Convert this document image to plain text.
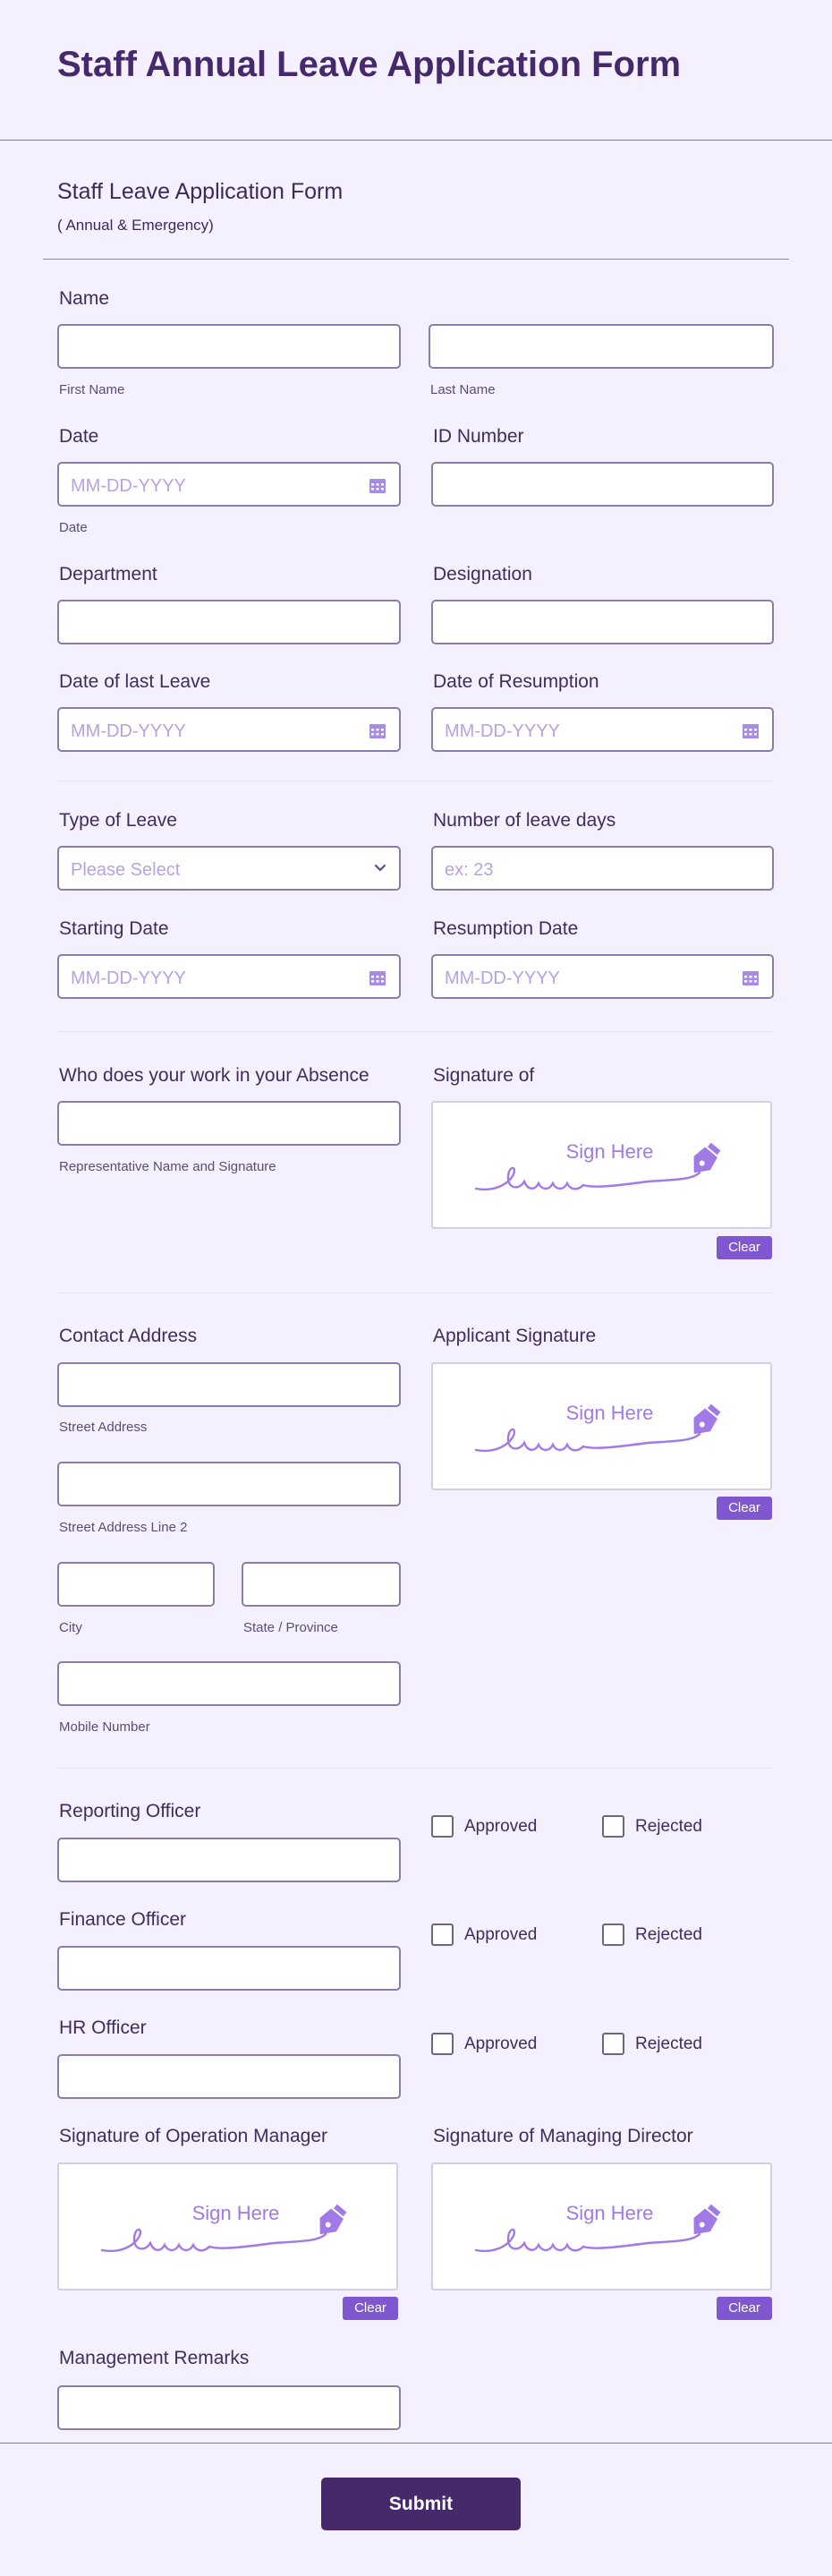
Staff Annual Leave Application Form
Staff Leave Application Form
( Annual & Emergency)
Name
First Name	Last Name
Date	ID Number
MM-DD-YYYY
Date
Department	Designation
Date of last Leave	Date of Resumption
MM-DD-YYYY	MM-DD-YYYY
Type of Leave	Number of leave days
Please Select	ex: 23
Starting Date	Resumption Date
MM-DD-YYYY	MM-DD-YYYY
Who does your work in your Absence	Signature of
Representative Name and Signature
Sign Here
Clear
Contact Address	Applicant Signature
Street Address
Street Address Line 2
City	State / Province
Mobile Number
Sign Here
Clear
Reporting Officer
Approved	Rejected
Finance Officer
Approved	Rejected
HR Officer
Approved	Rejected
Signature of Operation Manager	Signature of Managing Director
Sign Here
Clear
Sign Here
Clear
Management Remarks
Submit
